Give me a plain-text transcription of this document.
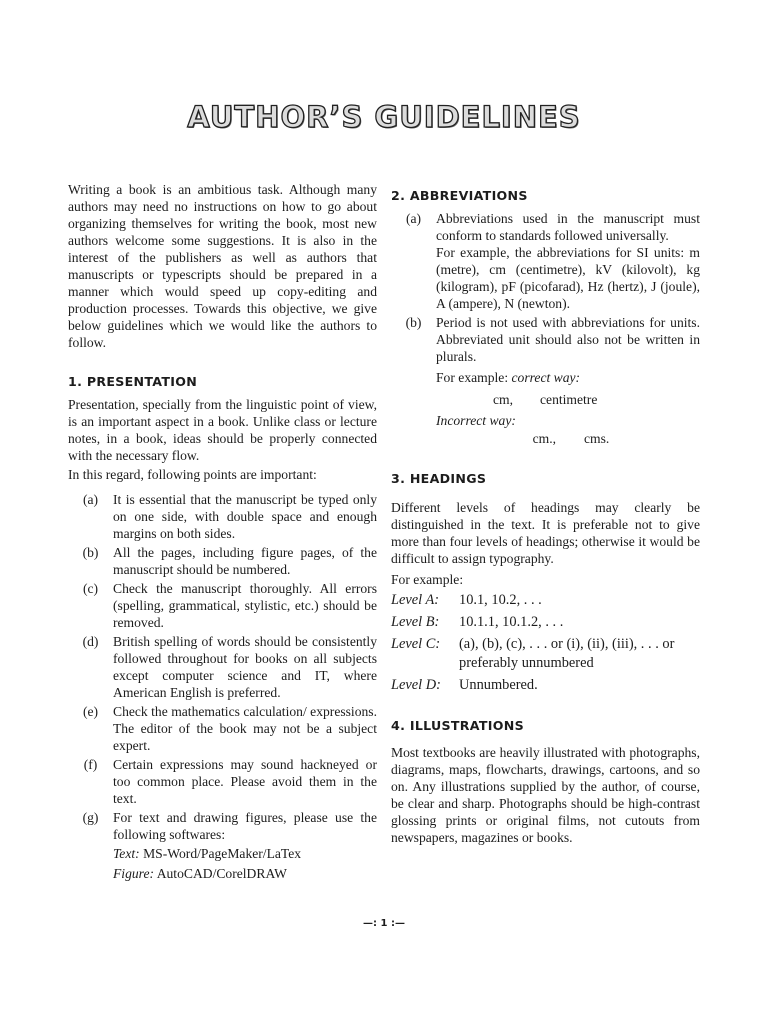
AUTHOR’S GUIDELINES

Writing a book is an ambitious task. Although many authors may need no instructions on how to go about organizing themselves for writing the book, most new authors welcome some suggestions. It is also in the interest of the publishers as well as authors that manuscripts or typescripts should be prepared in a manner which would speed up copy-editing and production processes. Towards this objective, we give below guidelines which we would like the authors to follow.

1. PRESENTATION

Presentation, specially from the linguistic point of view, is an important aspect in a book. Unlike class or lecture notes, in a book, ideas should be properly connected with the necessary flow.

In this regard, following points are important:

(a)	It is essential that the manuscript be typed only on one side, with double space and enough margins on both sides.
(b)	All the pages, including figure pages, of the manuscript should be numbered.
(c)	Check the manuscript thoroughly. All errors (spelling, grammatical, stylistic, etc.) should be removed.
(d)	British spelling of words should be consistently followed throughout for books on all subjects except computer science and IT, where American English is preferred.
(e)	Check the mathematics calculation/ expressions. The editor of the book may not be a subject expert.
(f)	Certain expressions may sound hackneyed or too common place. Please avoid them in the text.
(g)	For text and drawing figures, please use the following softwares:
Text: MS-Word/PageMaker/LaTex
Figure: AutoCAD/CorelDRAW
2. ABBREVIATIONS
(a)	Abbreviations used in the manuscript must conform to standards followed universally.

For example, the abbreviations for SI units: m (metre), cm (centimetre), kV (kilovolt), kg (kilogram), pF (picofarad), Hz (hertz), J (joule), A (ampere), N (newton).

(b)	Period is not used with abbreviations for units. Abbreviated unit should also not be written in plurals.

For example: correct way:

cm, centimetre

Incorrect way:

cm., cms.
3. HEADINGS

Different levels of headings may clearly be distinguished in the text. It is preferable not to give more than four levels of headings; otherwise it would be difficult to assign typography.

For example:

Level A:	10.1, 10.2, . . .
Level B:	10.1.1, 10.1.2, . . .
Level C:	(a), (b), (c), . . . or (i), (ii), (iii), . . . or preferably unnumbered
Level D:	Unnumbered.
4. ILLUSTRATIONS

Most textbooks are heavily illustrated with photographs, diagrams, maps, flowcharts, drawings, cartoons, and so on. Any illustrations supplied by the author, of course, be clear and sharp. Photographs should be high-contrast glossing prints or original films, not cutouts from newspapers, magazines or books.

—: 1 :—
